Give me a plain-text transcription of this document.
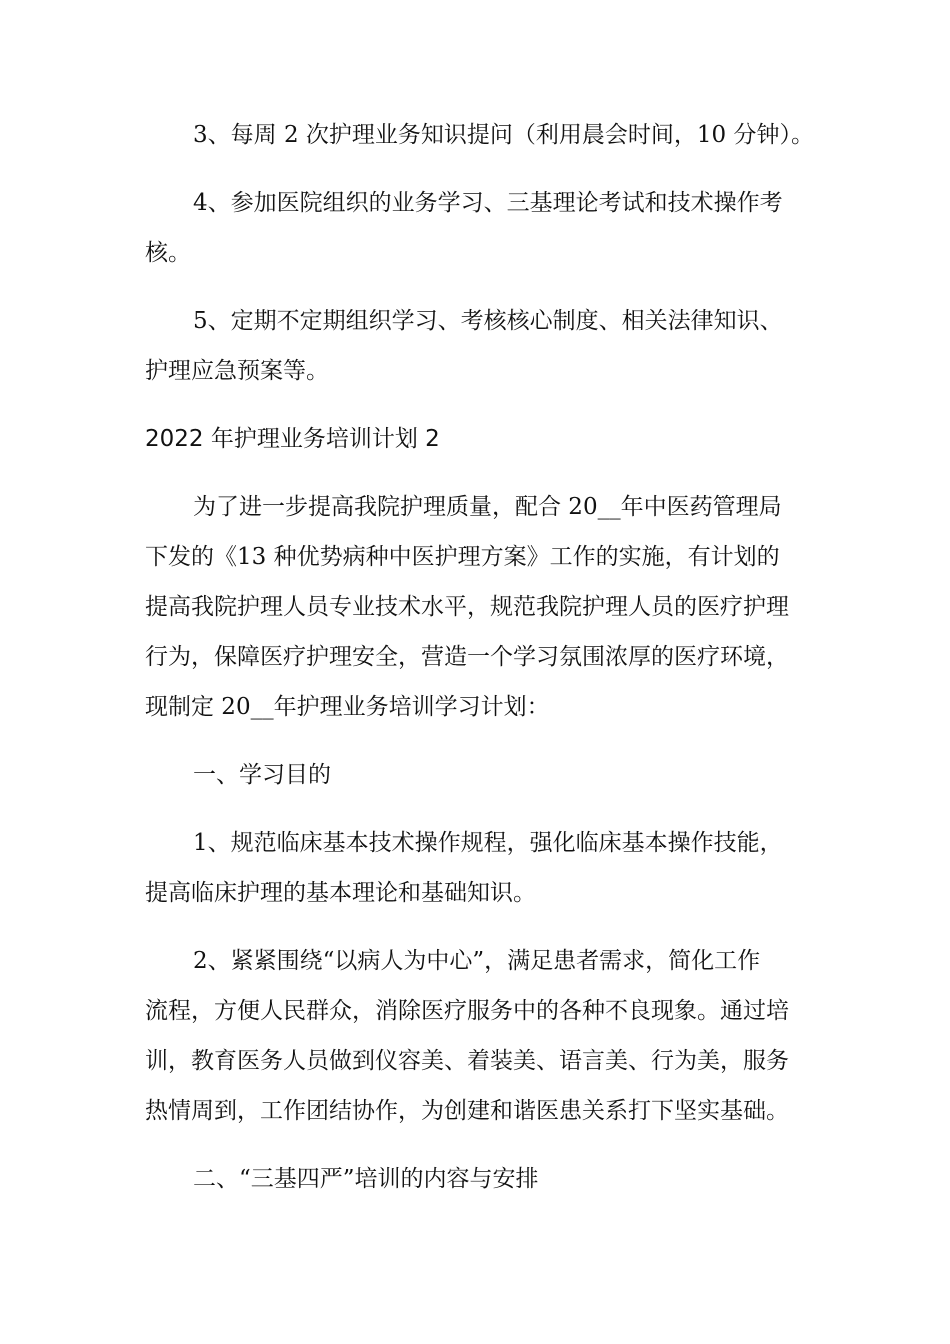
3、每周 2 次护理业务知识提问（利用晨会时间，10 分钟）。
4、参加医院组织的业务学习、三基理论考试和技术操作考
核。
5、定期不定期组织学习、考核核心制度、相关法律知识、
护理应急预案等。
2022 年护理业务培训计划 2
为了进一步提高我院护理质量，配合 20__年中医药管理局
下发的《13 种优势病种中医护理方案》工作的实施，有计划的
提高我院护理人员专业技术水平，规范我院护理人员的医疗护理
行为，保障医疗护理安全，营造一个学习氛围浓厚的医疗环境，
现制定 20__年护理业务培训学习计划：
一、学习目的
1、规范临床基本技术操作规程，强化临床基本操作技能，
提高临床护理的基本理论和基础知识。
2、紧紧围绕“以病人为中心”，满足患者需求，简化工作
流程，方便人民群众，消除医疗服务中的各种不良现象。通过培
训，教育医务人员做到仪容美、着装美、语言美、行为美，服务
热情周到，工作团结协作，为创建和谐医患关系打下坚实基础。
二、“三基四严”培训的内容与安排
